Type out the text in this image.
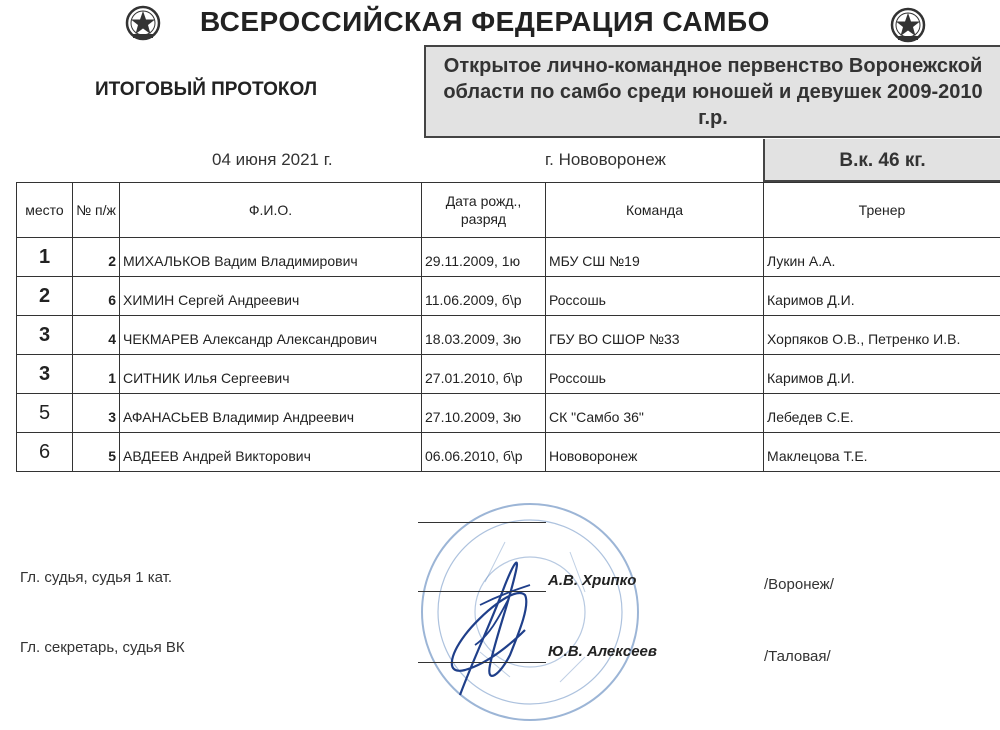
ВСЕРОССИЙСКАЯ ФЕДЕРАЦИЯ САМБО
ИТОГОВЫЙ ПРОТОКОЛ
Открытое лично-командное первенство Воронежской
области по самбо среди юношей и девушек 2009-2010
г.р.
04 июня 2021 г.	г. Нововоронеж	В.к. 46 кг.
место	№ п/ж	Ф.И.О.	Дата рожд., разряд	Команда	Тренер
1	2	МИХАЛЬКОВ Вадим Владимирович	29.11.2009, 1ю	МБУ СШ №19	Лукин А.А.
2	6	ХИМИН Сергей Андреевич	11.06.2009, б\р	Россошь	Каримов Д.И.
3	4	ЧЕКМАРЕВ Александр Александрович	18.03.2009, 3ю	ГБУ ВО СШОР №33	Хорпяков О.В., Петренко И.В.
3	1	СИТНИК Илья Сергеевич	27.01.2010, б\р	Россошь	Каримов Д.И.
5	3	АФАНАСЬЕВ Владимир Андреевич	27.10.2009, 3ю	СК "Самбо 36"	Лебедев С.Е.
6	5	АВДЕЕВ Андрей Викторович	06.06.2010, б\р	Нововоронеж	Маклецова Т.Е.
Гл. судья, судья 1 кат.	А.В. Хрипко	/Воронеж/
Гл. секретарь, судья ВК	Ю.В. Алексеев	/Таловая/
